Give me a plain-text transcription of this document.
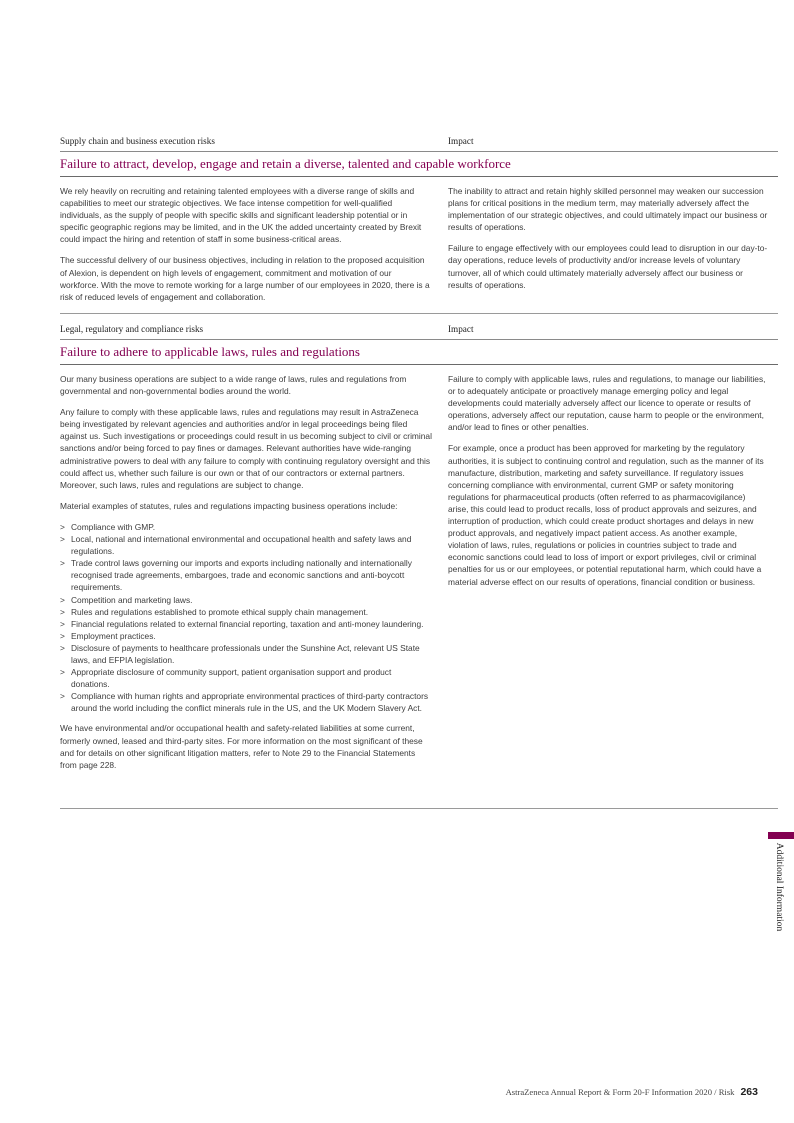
Supply chain and business execution risks	Impact
Failure to attract, develop, engage and retain a diverse, talented and capable workforce

We rely heavily on recruiting and retaining talented employees with a diverse range of skills and capabilities to meet our strategic objectives. We face intense competition for well-qualified individuals, as the supply of people with specific skills and significant leadership potential or in specific geographic regions may be limited, and in the UK the added uncertainty created by Brexit could impact the hiring and retention of staff in some business-critical areas.

The successful delivery of our business objectives, including in relation to the proposed acquisition of Alexion, is dependent on high levels of engagement, commitment and motivation of our workforce. With the move to remote working for a large number of our employees in 2020, there is a risk of reduced levels of engagement and collaboration.

The inability to attract and retain highly skilled personnel may weaken our succession plans for critical positions in the medium term, may materially adversely affect the implementation of our strategic objectives, and could ultimately impact our business or results of operations.

Failure to engage effectively with our employees could lead to disruption in our day-to-day operations, reduce levels of productivity and/or increase levels of voluntary turnover, all of which could ultimately materially adversely affect our business or results of operations.

Legal, regulatory and compliance risks	Impact
Failure to adhere to applicable laws, rules and regulations

Our many business operations are subject to a wide range of laws, rules and regulations from governmental and non-governmental bodies around the world.

Any failure to comply with these applicable laws, rules and regulations may result in AstraZeneca being investigated by relevant agencies and authorities and/or in legal proceedings being filed against us. Such investigations or proceedings could result in us becoming subject to civil or criminal sanctions and/or being forced to pay fines or damages. Relevant authorities have wide-ranging administrative powers to deal with any failure to comply with continuing regulatory oversight and this could affect us, whether such failure is our own or that of our contractors or external partners. Moreover, such laws, rules and regulations are subject to change.

Material examples of statutes, rules and regulations impacting business operations include:

> Compliance with GMP.
> Local, national and international environmental and occupational health and safety laws and regulations.
> Trade control laws governing our imports and exports including nationally and internationally recognised trade agreements, embargoes, trade and economic sanctions and anti-boycott requirements.
> Competition and marketing laws.
> Rules and regulations established to promote ethical supply chain management.
> Financial regulations related to external financial reporting, taxation and anti-money laundering.
> Employment practices.
> Disclosure of payments to healthcare professionals under the Sunshine Act, relevant US State laws, and EFPIA legislation.
> Appropriate disclosure of community support, patient organisation support and product donations.
> Compliance with human rights and appropriate environmental practices of third-party contractors around the world including the conflict minerals rule in the US, and the UK Modern Slavery Act.

We have environmental and/or occupational health and safety-related liabilities at some current, formerly owned, leased and third-party sites. For more information on the most significant of these and for details on other significant litigation matters, refer to Note 29 to the Financial Statements from page 228.

Failure to comply with applicable laws, rules and regulations, to manage our liabilities, or to adequately anticipate or proactively manage emerging policy and legal developments could materially adversely affect our licence to operate or results of operations, adversely affect our reputation, cause harm to people or the environment, and/or lead to fines or other penalties.

For example, once a product has been approved for marketing by the regulatory authorities, it is subject to continuing control and regulation, such as the manner of its manufacture, distribution, marketing and safety surveillance. If regulatory issues concerning compliance with environmental, current GMP or safety monitoring regulations for pharmaceutical products (often referred to as pharmacovigilance) arise, this could lead to product recalls, loss of product approvals and seizures, and interruption of production, which could create product shortages and delays in new product approvals, and negatively impact patient access. As another example, violation of laws, rules, regulations or policies in countries subject to trade and economic sanctions could lead to loss of import or export privileges, civil or criminal penalties for us or our employees, or potential reputational harm, which could have a material adverse effect on our results of operations, financial condition or business.

Additional Information
AstraZeneca Annual Report & Form 20-F Information 2020 / Risk 263
